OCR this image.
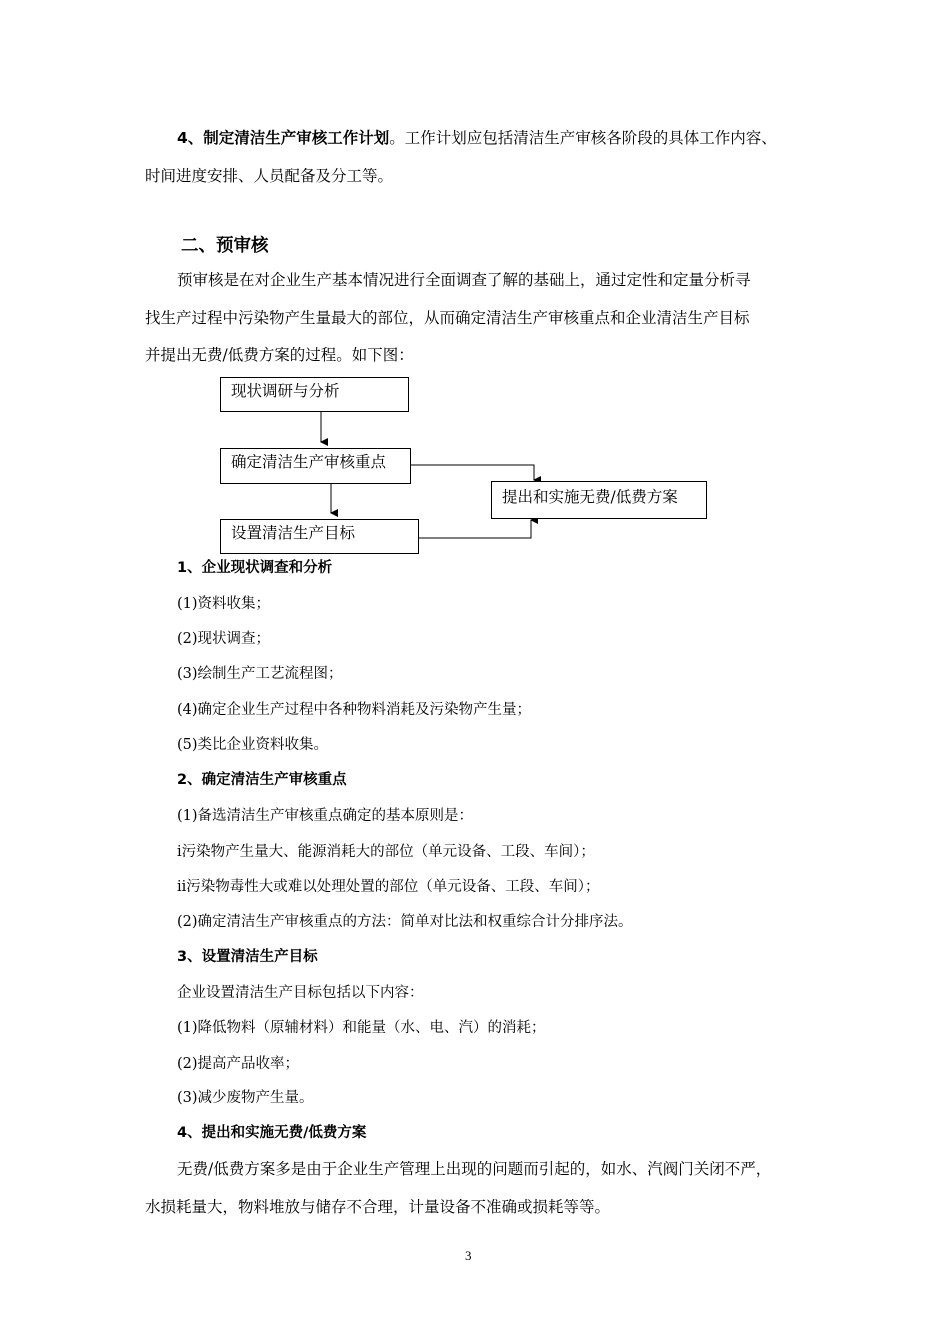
4、制定清洁生产审核工作计划。工作计划应包括清洁生产审核各阶段的具体工作内容、
时间进度安排、人员配备及分工等。
二、预审核
预审核是在对企业生产基本情况进行全面调查了解的基础上，通过定性和定量分析寻
找生产过程中污染物产生量最大的部位，从而确定清洁生产审核重点和企业清洁生产目标
并提出无费/低费方案的过程。如下图：
现状调研与分析
确定清洁生产审核重点
设置清洁生产目标
提出和实施无费/低费方案
1、企业现状调查和分析
(1)资料收集；
(2)现状调查；
(3)绘制生产工艺流程图；
(4)确定企业生产过程中各种物料消耗及污染物产生量；
(5)类比企业资料收集。
2、确定清洁生产审核重点
(1)备选清洁生产审核重点确定的基本原则是：
i污染物产生量大、能源消耗大的部位（单元设备、工段、车间）；
ii污染物毒性大或难以处理处置的部位（单元设备、工段、车间）；
(2)确定清洁生产审核重点的方法：简单对比法和权重综合计分排序法。
3、设置清洁生产目标
企业设置清洁生产目标包括以下内容：
(1)降低物料（原辅材料）和能量（水、电、汽）的消耗；
(2)提高产品收率；
(3)减少废物产生量。
4、提出和实施无费/低费方案
无费/低费方案多是由于企业生产管理上出现的问题而引起的，如水、汽阀门关闭不严，
水损耗量大，物料堆放与储存不合理，计量设备不准确或损耗等等。
3
